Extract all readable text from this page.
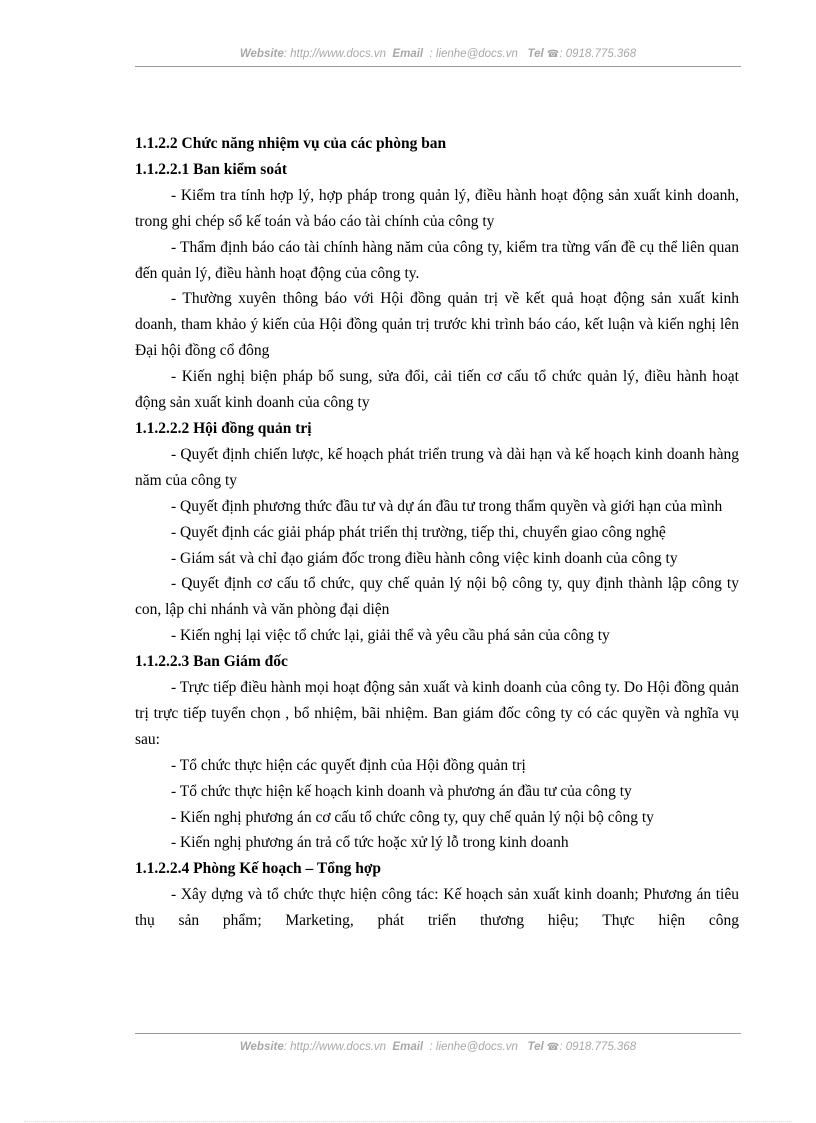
Website: http://www.docs.vn Email : lienhe@docs.vn Tel ☎: 0918.775.368

1.1.2.2 Chức năng nhiệm vụ của các phòng ban

1.1.2.2.1 Ban kiểm soát

- Kiểm tra tính hợp lý, hợp pháp trong quản lý, điều hành hoạt động sản xuất kinh doanh, trong ghi chép sổ kế toán và báo cáo tài chính của công ty

- Thẩm định báo cáo tài chính hàng năm của công ty, kiểm tra từng vấn đề cụ thể liên quan đến quản lý, điều hành hoạt động của công ty.

- Thường xuyên thông báo với Hội đồng quản trị về kết quả hoạt động sản xuất kinh doanh, tham khảo ý kiến của Hội đồng quản trị trước khi trình báo cáo, kết luận và kiến nghị lên Đại hội đồng cổ đông

- Kiến nghị biện pháp bổ sung, sửa đổi, cải tiến cơ cấu tổ chức quản lý, điều hành hoạt động sản xuất kinh doanh của công ty

1.1.2.2.2 Hội đồng quản trị

- Quyết định chiến lược, kế hoạch phát triển trung và dài hạn và kế hoạch kinh doanh hàng năm của công ty

- Quyết định phương thức đầu tư và dự án đầu tư trong thẩm quyền và giới hạn của mình

- Quyết định các giải pháp phát triển thị trường, tiếp thi, chuyển giao công nghệ

- Giám sát và chỉ đạo giám đốc trong điều hành công việc kinh doanh của công ty

- Quyết định cơ cấu tổ chức, quy chế quản lý nội bộ công ty, quy định thành lập công ty con, lập chi nhánh và văn phòng đại diện

- Kiến nghị lại việc tổ chức lại, giải thể và yêu cầu phá sản của công ty

1.1.2.2.3 Ban Giám đốc

- Trực tiếp điều hành mọi hoạt động sản xuất và kinh doanh của công ty. Do Hội đồng quản trị trực tiếp tuyển chọn , bổ nhiệm, bãi nhiệm. Ban giám đốc công ty có các quyền và nghĩa vụ sau:

- Tổ chức thực hiện các quyết định của Hội đồng quản trị

- Tổ chức thực hiện kế hoạch kinh doanh và phương án đầu tư của công ty

- Kiến nghị phương án cơ cấu tổ chức công ty, quy chế quản lý nội bộ công ty

- Kiến nghị phương án trả cổ tức hoặc xử lý lỗ trong kinh doanh

1.1.2.2.4 Phòng Kế hoạch – Tổng hợp

- Xây dựng và tổ chức thực hiện công tác: Kế hoạch sản xuất kinh doanh; Phương án tiêu thụ sản phẩm; Marketing, phát triển thương hiệu; Thực hiện công

Website: http://www.docs.vn Email : lienhe@docs.vn Tel ☎: 0918.775.368
